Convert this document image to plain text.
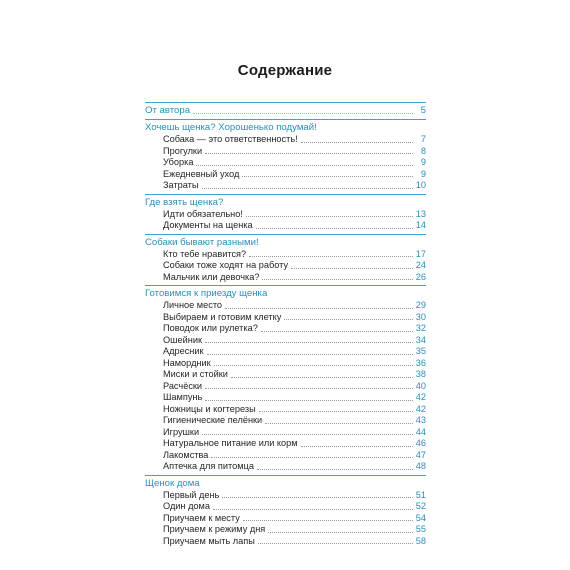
Содержание
От автора	5
Хочешь щенка? Хорошенько подумай!
Собака — это ответственность!	7
Прогулки	8
Уборка	9
Ежедневный уход	9
Затраты	10
Где взять щенка?
Идти обязательно!	13
Документы на щенка	14
Собаки бывают разными!
Кто тебе нравится?	17
Собаки тоже ходят на работу	24
Мальчик или девочка?	26
Готовимся к приезду щенка
Личное место	29
Выбираем и готовим клетку	30
Поводок или рулетка?	32
Ошейник	34
Адресник	35
Намордник	36
Миски и стойки	38
Расчёски	40
Шампунь	42
Ножницы и когтерезы	42
Гигиенические пелёнки	43
Игрушки	44
Натуральное питание или корм	46
Лакомства	47
Аптечка для питомца	48
Щенок дома
Первый день	51
Один дома	52
Приучаем к месту	54
Приучаем к режиму дня	55
Приучаем мыть лапы	58
